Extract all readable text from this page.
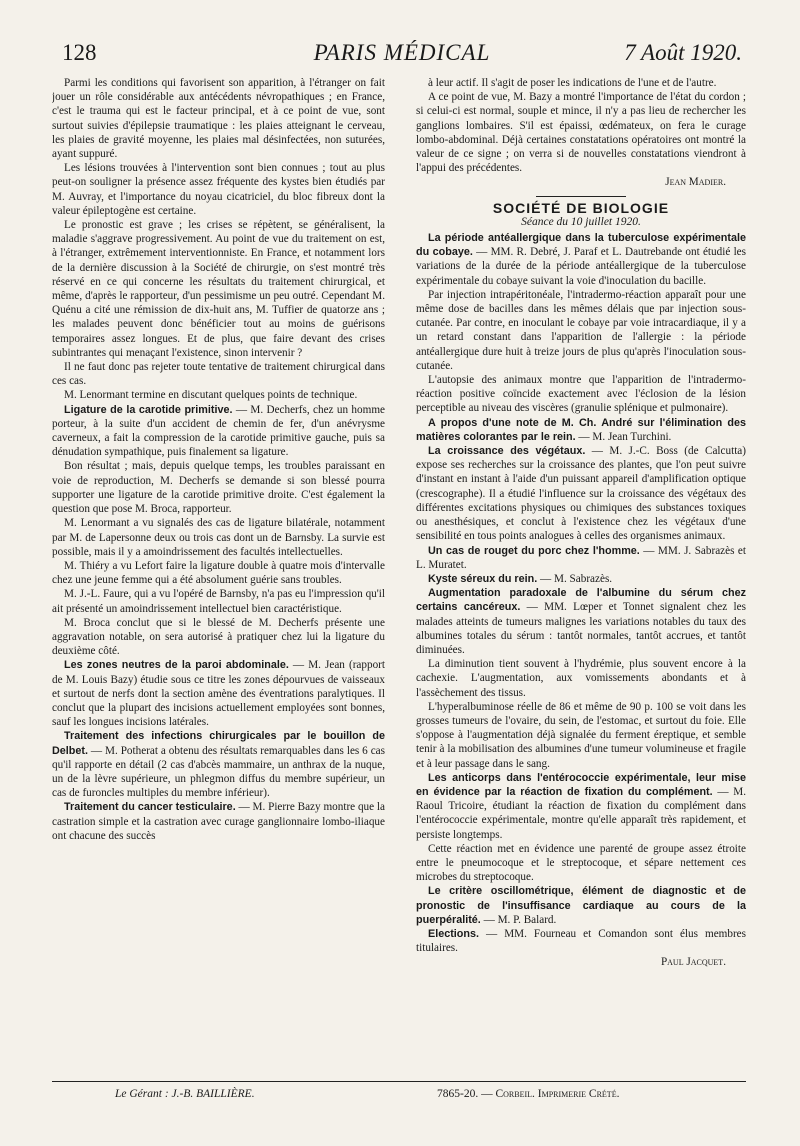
128	PARIS MÉDICAL	7 Août 1920.

Parmi les conditions qui favorisent son apparition, à l'étranger on fait jouer un rôle considérable aux antécédents névropathiques ; en France, c'est le trauma qui est le facteur principal, et à ce point de vue, sont surtout suivies d'épilepsie traumatique : les plaies atteignant le cerveau, les plaies de gravité moyenne, les plaies mal désinfectées, non suturées, ayant suppuré.

Les lésions trouvées à l'intervention sont bien connues ; tout au plus peut-on souligner la présence assez fréquente des kystes bien étudiés par M. Auvray, et l'importance du noyau cicatriciel, du bloc fibreux dont la valeur épileptogène est certaine.

Le pronostic est grave ; les crises se répètent, se généralisent, la maladie s'aggrave progressivement. Au point de vue du traitement on est, à l'étranger, extrêmement interventionniste. En France, et notamment lors de la dernière discussion à la Société de chirurgie, on s'est montré très réservé en ce qui concerne les résultats du traitement chirurgical, et même, d'après le rapporteur, d'un pessimisme un peu outré. Cependant M. Quénu a cité une rémission de dix-huit ans, M. Tuffier de quatorze ans ; les malades peuvent donc bénéficier tout au moins de guérisons temporaires assez longues. Et de plus, que faire devant des crises subintrantes qui menaçant l'existence, sinon intervenir ?

Il ne faut donc pas rejeter toute tentative de traitement chirurgical dans ces cas.

M. Lenormant termine en discutant quelques points de technique.

Ligature de la carotide primitive. — M. Decherfs, chez un homme porteur, à la suite d'un accident de chemin de fer, d'un anévrysme caverneux, a fait la compression de la carotide primitive gauche, puis sa dénudation sympathique, puis finalement sa ligature.

Bon résultat ; mais, depuis quelque temps, les troubles paraissant en voie de reproduction, M. Decherfs se demande si son blessé pourra supporter une ligature de la carotide primitive droite. C'est également la question que pose M. Broca, rapporteur.

M. Lenormant a vu signalés des cas de ligature bilatérale, notamment par M. de Lapersonne deux ou trois cas dont un de Barnsby. La survie est possible, mais il y a amoindrissement des facultés intellectuelles.

M. Thiéry a vu Lefort faire la ligature double à quatre mois d'intervalle chez une jeune femme qui a été absolument guérie sans troubles.

M. J.-L. Faure, qui a vu l'opéré de Barnsby, n'a pas eu l'impression qu'il ait présenté un amoindrissement intellectuel bien caractéristique.

M. Broca conclut que si le blessé de M. Decherfs présente une aggravation notable, on sera autorisé à pratiquer chez lui la ligature du deuxième côté.

Les zones neutres de la paroi abdominale. — M. Jean (rapport de M. Louis Bazy) étudie sous ce titre les zones dépourvues de vaisseaux et surtout de nerfs dont la section amène des éventrations paralytiques. Il conclut que la plupart des incisions actuellement employées sont bonnes, sauf les longues incisions latérales.

Traitement des infections chirurgicales par le bouillon de Delbet. — M. Potherat a obtenu des résultats remarquables dans les 6 cas qu'il rapporte en détail (2 cas d'abcès mammaire, un anthrax de la nuque, un de la lèvre supérieure, un phlegmon diffus du membre supérieur, un cas de furoncles multiples du membre inférieur).

Traitement du cancer testiculaire. — M. Pierre Bazy montre que la castration simple et la castration avec curage ganglionnaire lombo-iliaque ont chacune des succès

à leur actif. Il s'agit de poser les indications de l'une et de l'autre.

A ce point de vue, M. Bazy a montré l'importance de l'état du cordon ; si celui-ci est normal, souple et mince, il n'y a pas lieu de rechercher les ganglions lombaires. S'il est épaissi, œdémateux, on fera le curage lombo-abdominal. Déjà certaines constatations opératoires ont montré la valeur de ce signe ; on verra si de nouvelles constatations viendront à l'appui des précédentes.

Jean Madier.
SOCIÉTÉ DE BIOLOGIE
Séance du 10 juillet 1920.

La période antéallergique dans la tuberculose expérimentale du cobaye. — MM. R. Debré, J. Paraf et L. Dautrebande ont étudié les variations de la durée de la période antéallergique de la tuberculose expérimentale du cobaye suivant la voie d'inoculation du bacille.

Par injection intrapéritonéale, l'intradermo-réaction apparaît pour une même dose de bacilles dans les mêmes délais que par injection sous-cutanée. Par contre, en inoculant le cobaye par voie intracardiaque, il y a un retard constant dans l'apparition de l'allergie : la période antéallergique dure huit à treize jours de plus qu'après l'inoculation sous-cutanée.

L'autopsie des animaux montre que l'apparition de l'intradermo-réaction positive coïncide exactement avec l'éclosion de la lésion perceptible au niveau des viscères (granulie splénique et pulmonaire).

A propos d'une note de M. Ch. André sur l'élimination des matières colorantes par le rein. — M. Jean Turchini.

La croissance des végétaux. — M. J.-C. Boss (de Calcutta) expose ses recherches sur la croissance des plantes, que l'on peut suivre d'instant en instant à l'aide d'un puissant appareil d'amplification optique (crescographe). Il a étudié l'influence sur la croissance des végétaux des différentes excitations physiques ou chimiques des substances toxiques ou anesthésiques, et conclut à l'existence chez les végétaux d'une sensibilité en tous points analogues à celles des organismes animaux.

Un cas de rouget du porc chez l'homme. — MM. J. Sabrazès et L. Muratet.

Kyste séreux du rein. — M. Sabrazès.

Augmentation paradoxale de l'albumine du sérum chez certains cancéreux. — MM. Lœper et Tonnet signalent chez les malades atteints de tumeurs malignes les variations notables du taux des albumines totales du sérum : tantôt normales, tantôt accrues, et tantôt diminuées.

La diminution tient souvent à l'hydrémie, plus souvent encore à la cachexie. L'augmentation, aux vomissements abondants et à l'assèchement des tissus.

L'hyperalbuminose réelle de 86 et même de 90 p. 100 se voit dans les grosses tumeurs de l'ovaire, du sein, de l'estomac, et surtout du foie. Elle s'oppose à l'augmentation déjà signalée du ferment éreptique, et semble tenir à la mobilisation des albumines d'une tumeur volumineuse et fragile et à leur passage dans le sang.

Les anticorps dans l'entérococcie expérimentale, leur mise en évidence par la réaction de fixation du complément. — M. Raoul Tricoire, étudiant la réaction de fixation du complément dans l'entérococcie expérimentale, montre qu'elle apparaît très rapidement, et persiste longtemps.

Cette réaction met en évidence une parenté de groupe assez étroite entre le pneumocoque et le streptocoque, et sépare nettement ces microbes du streptocoque.

Le critère oscillométrique, élément de diagnostic et de pronostic de l'insuffisance cardiaque au cours de la puerpéralité. — M. P. Balard.

Elections. — MM. Fourneau et Comandon sont élus membres titulaires.

Paul Jacquet.
Le Gérant : J.-B. BAILLIÈRE.	7865-20. — Corbeil. Imprimerie Crété.
